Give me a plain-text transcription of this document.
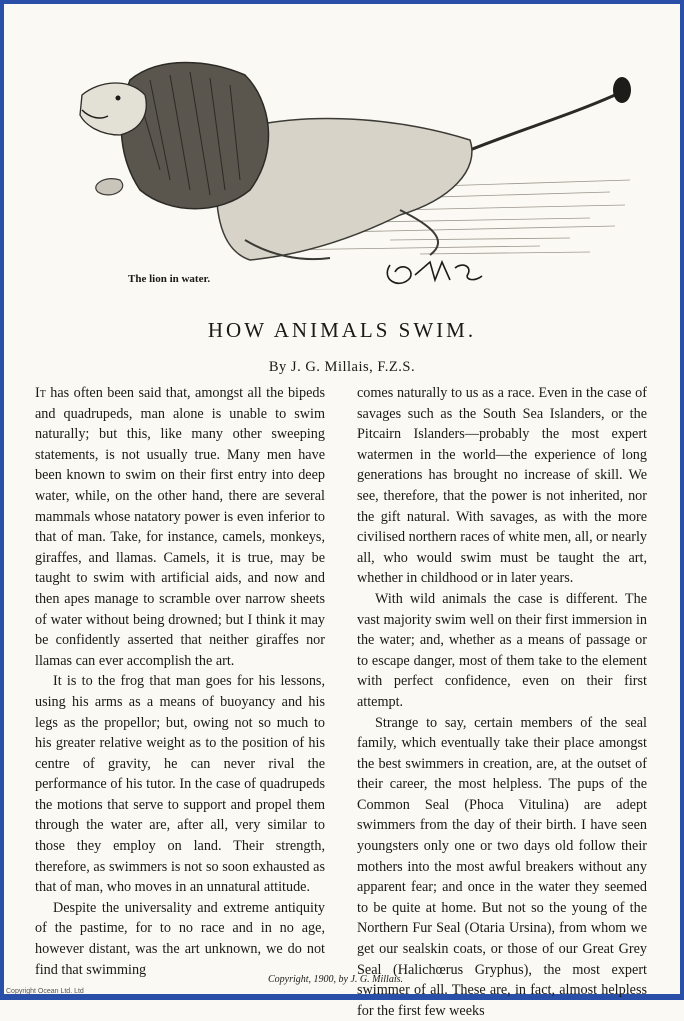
The lion in water.
HOW ANIMALS SWIM.
By J. G. Millais, F.Z.S.

It has often been said that, amongst all the bipeds and quadrupeds, man alone is unable to swim naturally; but this, like many other sweeping statements, is not usually true. Many men have been known to swim on their first entry into deep water, while, on the other hand, there are several mammals whose natatory power is even inferior to that of man. Take, for instance, camels, monkeys, giraffes, and llamas. Camels, it is true, may be taught to swim with artificial aids, and now and then apes manage to scramble over narrow sheets of water without being drowned; but I think it may be confidently asserted that neither giraffes nor llamas can ever accomplish the art.

It is to the frog that man goes for his lessons, using his arms as a means of buoyancy and his legs as the propellor; but, owing not so much to his greater relative weight as to the position of his centre of gravity, he can never rival the performance of his tutor. In the case of quadrupeds the motions that serve to support and propel them through the water are, after all, very similar to those they employ on land. Their strength, therefore, as swimmers is not so soon exhausted as that of man, who moves in an unnatural attitude.

Despite the universality and extreme antiquity of the pastime, for to no race and in no age, however distant, was the art unknown, we do not find that swimming

comes naturally to us as a race. Even in the case of savages such as the South Sea Islanders, or the Pitcairn Islanders—probably the most expert watermen in the world—the experience of long generations has brought no increase of skill. We see, therefore, that the power is not inherited, nor the gift natural. With savages, as with the more civilised northern races of white men, all, or nearly all, who would swim must be taught the art, whether in childhood or in later years.

With wild animals the case is different. The vast majority swim well on their first immersion in the water; and, whether as a means of passage or to escape danger, most of them take to the element with perfect confidence, even on their first attempt.

Strange to say, certain members of the seal family, which eventually take their place amongst the best swimmers in creation, are, at the outset of their career, the most helpless. The pups of the Common Seal (Phoca Vitulina) are adept swimmers from the day of their birth. I have seen youngsters only one or two days old follow their mothers into the most awful breakers without any apparent fear; and once in the water they seemed to be quite at home. But not so the young of the Northern Fur Seal (Otaria Ursina), from whom we get our sealskin coats, or those of our Great Grey Seal (Halichœrus Gryphus), the most expert swimmer of all. These are, in fact, almost helpless for the first few weeks

Copyright, 1900, by J. G. Millais.
Copyright Ocean Ltd. Ltd
